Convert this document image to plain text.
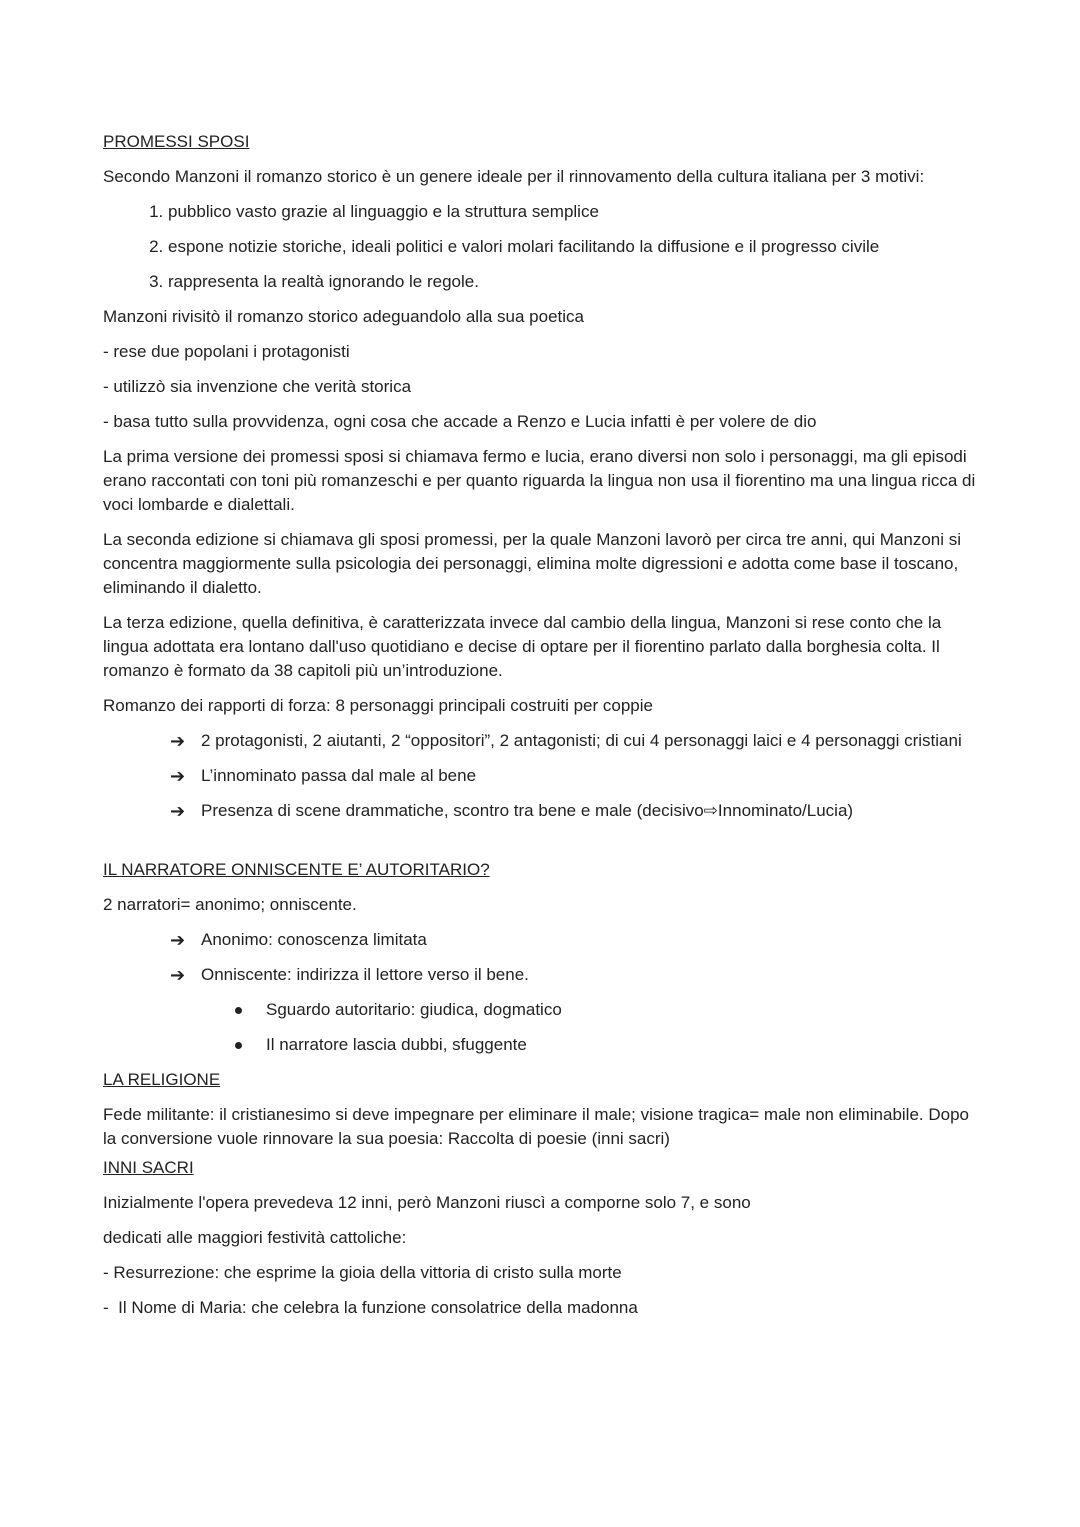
PROMESSI SPOSI

Secondo Manzoni il romanzo storico è un genere ideale per il rinnovamento della cultura italiana per 3 motivi:

1. pubblico vasto grazie al linguaggio e la struttura semplice
2. espone notizie storiche, ideali politici e valori molari facilitando la diffusione e il progresso civile
3. rappresenta la realtà ignorando le regole.

Manzoni rivisitò il romanzo storico adeguandolo alla sua poetica

- rese due popolani i protagonisti
- utilizzò sia invenzione che verità storica
- basa tutto sulla provvidenza, ogni cosa che accade a Renzo e Lucia infatti è per volere de dio

La prima versione dei promessi sposi si chiamava fermo e lucia, erano diversi non solo i personaggi, ma gli episodi erano raccontati con toni più romanzeschi e per quanto riguarda la lingua non usa il fiorentino ma una lingua ricca di voci lombarde e dialettali.

La seconda edizione si chiamava gli sposi promessi, per la quale Manzoni lavorò per circa tre anni, qui Manzoni si concentra maggiormente sulla psicologia dei personaggi, elimina molte digressioni e adotta come base il toscano, eliminando il dialetto.

La terza edizione, quella definitiva, è caratterizzata invece dal cambio della lingua, Manzoni si rese conto che la lingua adottata era lontano dall'uso quotidiano e decise di optare per il fiorentino parlato dalla borghesia colta. Il romanzo è formato da 38 capitoli più un’introduzione.

Romanzo dei rapporti di forza: 8 personaggi principali costruiti per coppie

➔ 2 protagonisti, 2 aiutanti, 2 “oppositori”, 2 antagonisti; di cui 4 personaggi laici e 4 personaggi cristiani
➔ L’innominato passa dal male al bene
➔ Presenza di scene drammatiche, scontro tra bene e male (decisivo⇨Innominato/Lucia)
IL NARRATORE ONNISCENTE E’ AUTORITARIO?

2 narratori= anonimo; onniscente.

➔ Anonimo: conoscenza limitata
➔ Onniscente: indirizza il lettore verso il bene.
Sguardo autoritario: giudica, dogmatico
Il narratore lascia dubbi, sfuggente
LA RELIGIONE

Fede militante: il cristianesimo si deve impegnare per eliminare il male; visione tragica= male non eliminabile. Dopo la conversione vuole rinnovare la sua poesia: Raccolta di poesie (inni sacri)

INNI SACRI

Inizialmente l'opera prevedeva 12 inni, però Manzoni riuscì a comporne solo 7, e sono

dedicati alle maggiori festività cattoliche:

- Resurrezione: che esprime la gioia della vittoria di cristo sulla morte
-  Il Nome di Maria: che celebra la funzione consolatrice della madonna
